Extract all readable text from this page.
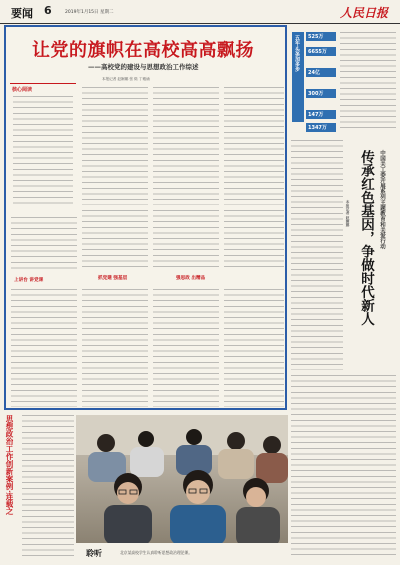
要闻 6	2019年1月15日 星期二	人民日报
让党的旗帜在高校高高飘扬
——高校党的建设与思想政治工作综述
本报记者 赵婀娜 张 烁 丁雅诵
核心阅读
上讲台 讲党课	抓党建 强基层	强思政 出精品
五年·头条加多步	525万
6655万
24亿
300万
147万
1347万
中国关工委开展系列主题教育和关爱行动
传承红色基因，争做时代新人
本报记者 赵婀娜
思想政治工作创新案例·连载之
聆听	北京某高校学生认真聆听思想政治理论课。
